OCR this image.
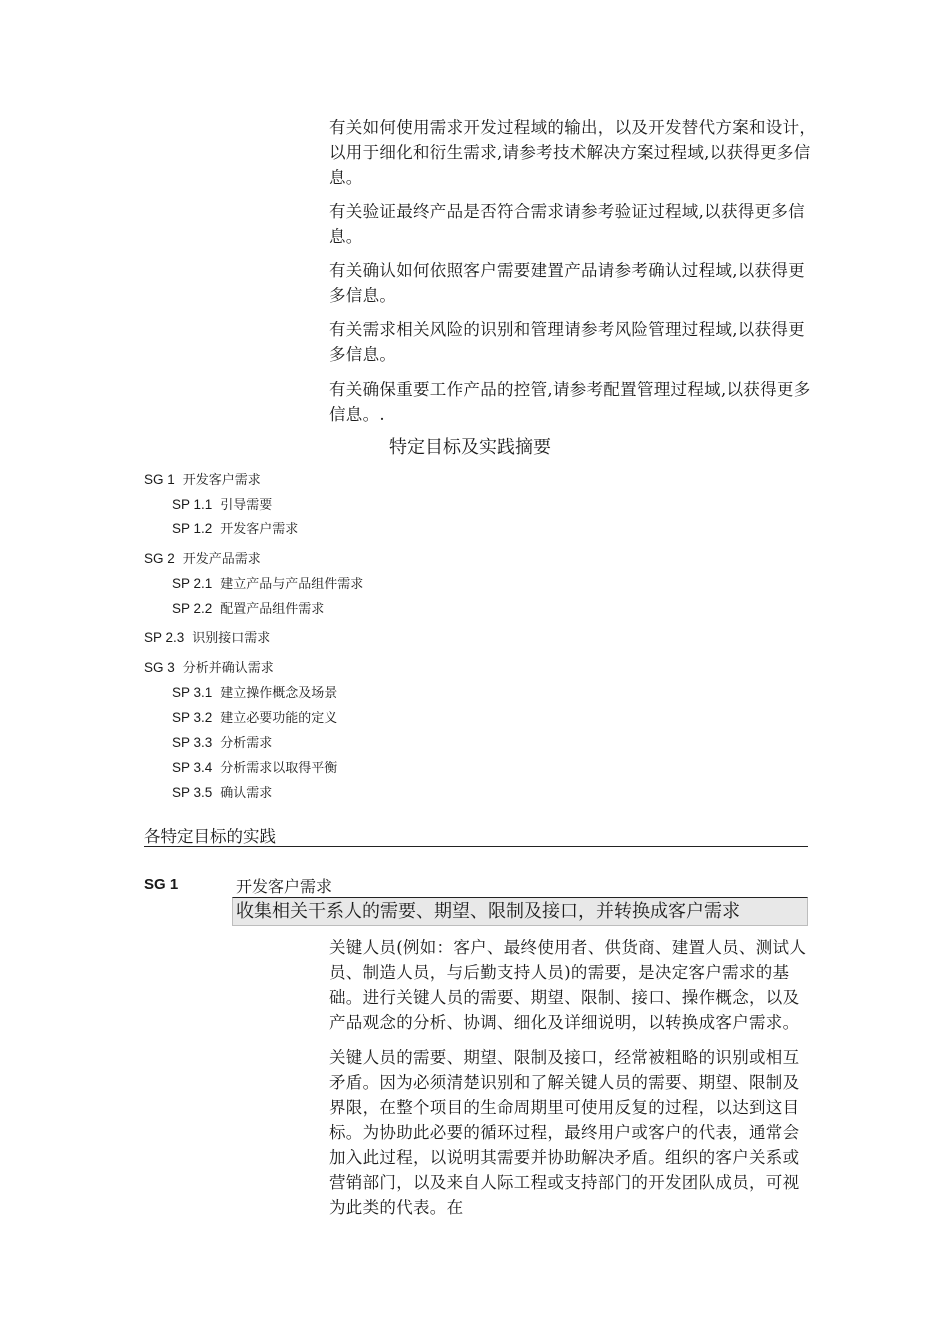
有关如何使用需求开发过程域的输出，以及开发替代方案和设计，以用于细化和衍生需求,请参考技术解决方案过程域,以获得更多信息。
有关验证最终产品是否符合需求请参考验证过程域,以获得更多信息。
有关确认如何依照客户需要建置产品请参考确认过程域,以获得更多信息。
有关需求相关风险的识别和管理请参考风险管理过程域,以获得更多信息。
有关确保重要工作产品的控管,请参考配置管理过程域,以获得更多信息。.
特定目标及实践摘要
SG 1 开发客户需求
SP 1.1 引导需要
SP 1.2 开发客户需求
SG 2 开发产品需求
SP 2.1 建立产品与产品组件需求
SP 2.2 配置产品组件需求
SP 2.3 识别接口需求
SG 3 分析并确认需求
SP 3.1 建立操作概念及场景
SP 3.2 建立必要功能的定义
SP 3.3 分析需求
SP 3.4 分析需求以取得平衡
SP 3.5 确认需求
各特定目标的实践
SG 1	开发客户需求
收集相关干系人的需要、期望、限制及接口，并转换成客户需求
关键人员(例如：客户、最终使用者、供货商、建置人员、测试人员、制造人员，与后勤支持人员)的需要，是决定客户需求的基础。进行关键人员的需要、期望、限制、接口、操作概念，以及产品观念的分析、协调、细化及详细说明，以转换成客户需求。
关键人员的需要、期望、限制及接口，经常被粗略的识别或相互矛盾。因为必须清楚识别和了解关键人员的需要、期望、限制及界限，在整个项目的生命周期里可使用反复的过程，以达到这目标。为协助此必要的循环过程，最终用户或客户的代表，通常会加入此过程，以说明其需要并协助解决矛盾。组织的客户关系或营销部门，以及来自人际工程或支持部门的开发团队成员，可视为此类的代表。在
